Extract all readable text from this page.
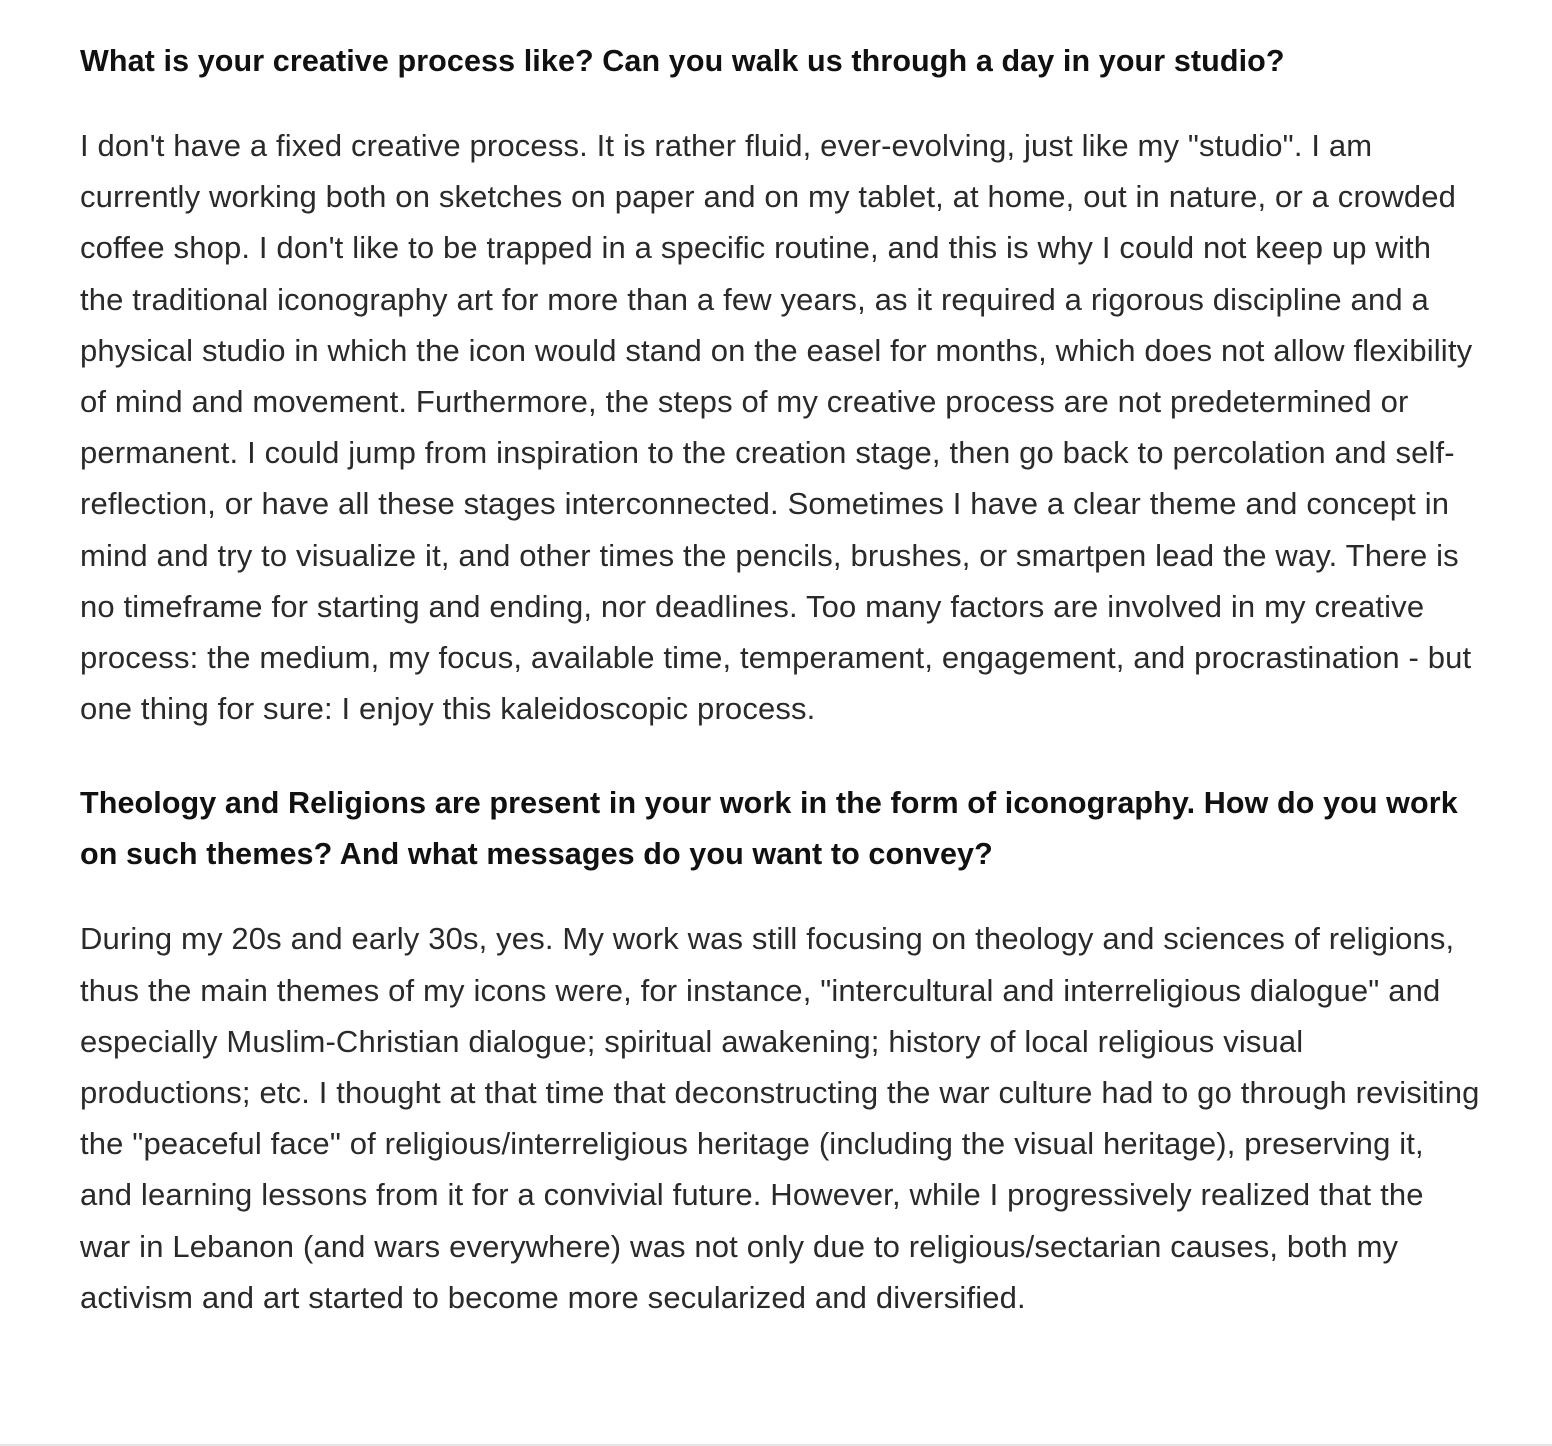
What is your creative process like? Can you walk us through a day in your studio?

I don't have a fixed creative process. It is rather fluid, ever-evolving, just like my "studio". I am currently working both on sketches on paper and on my tablet, at home, out in nature, or a crowded coffee shop. I don't like to be trapped in a specific routine, and this is why I could not keep up with the traditional iconography art for more than a few years, as it required a rigorous discipline and a physical studio in which the icon would stand on the easel for months, which does not allow flexibility of mind and movement. Furthermore, the steps of my creative process are not predetermined or permanent. I could jump from inspiration to the creation stage, then go back to percolation and self-reflection, or have all these stages interconnected. Sometimes I have a clear theme and concept in mind and try to visualize it, and other times the pencils, brushes, or smartpen lead the way. There is no timeframe for starting and ending, nor deadlines. Too many factors are involved in my creative process: the medium, my focus, available time, temperament, engagement, and procrastination - but one thing for sure: I enjoy this kaleidoscopic process.

Theology and Religions are present in your work in the form of iconography. How do you work on such themes? And what messages do you want to convey?

During my 20s and early 30s, yes. My work was still focusing on theology and sciences of religions, thus the main themes of my icons were, for instance, "intercultural and interreligious dialogue" and especially Muslim-Christian dialogue; spiritual awakening; history of local religious visual productions; etc. I thought at that time that deconstructing the war culture had to go through revisiting the "peaceful face" of religious/interreligious heritage (including the visual heritage), preserving it, and learning lessons from it for a convivial future. However, while I progressively realized that the war in Lebanon (and wars everywhere) was not only due to religious/sectarian causes, both my activism and art started to become more secularized and diversified.
